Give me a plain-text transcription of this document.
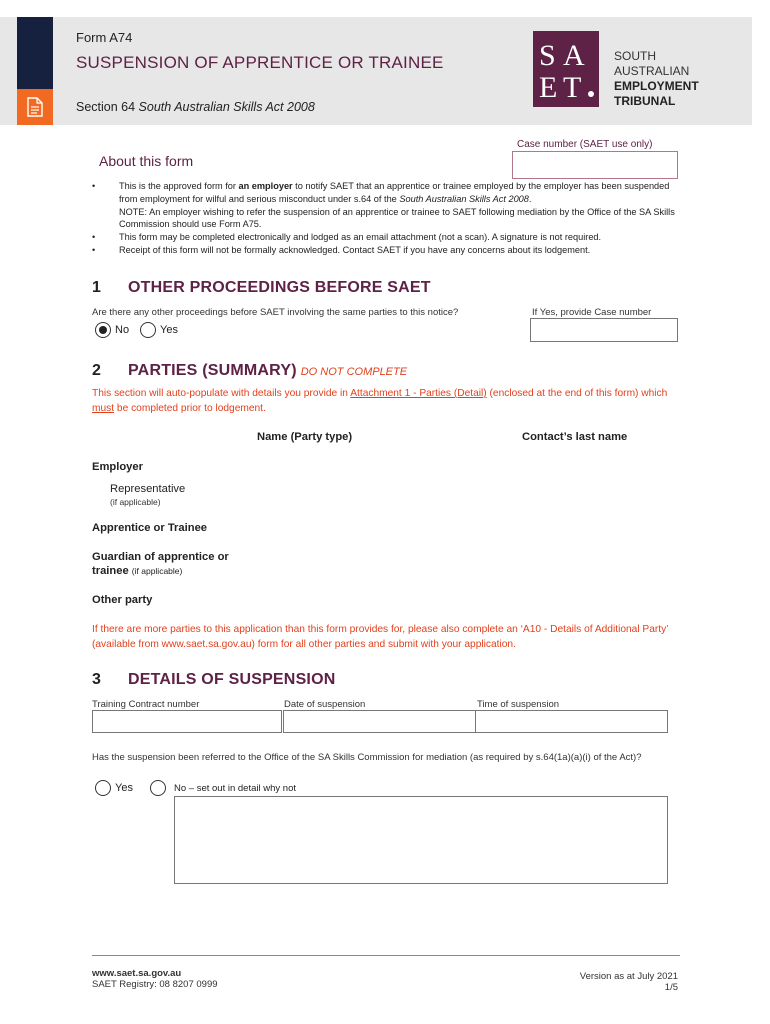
Form A74
SUSPENSION OF APPRENTICE OR TRAINEE
Section 64 South Australian Skills Act 2008
S A
E T
SOUTH
AUSTRALIAN
EMPLOYMENT
TRIBUNAL
Case number (SAET use only)
About this form
• This is the approved form for an employer to notify SAET that an apprentice or trainee employed by the employer has been suspended from employment for wilful and serious misconduct under s.64 of the South Australian Skills Act 2008.
NOTE: An employer wishing to refer the suspension of an apprentice or trainee to SAET following mediation by the Office of the SA Skills Commission should use Form A75.
• This form may be completed electronically and lodged as an email attachment (not a scan). A signature is not required.
• Receipt of this form will not be formally acknowledged. Contact SAET if you have any concerns about its lodgement.
1 OTHER PROCEEDINGS BEFORE SAET
Are there any other proceedings before SAET involving the same parties to this notice?	If Yes, provide Case number
No	Yes
2 PARTIES (SUMMARY) DO NOT COMPLETE
This section will auto-populate with details you provide in Attachment 1 - Parties (Detail) (enclosed at the end of this form) which must be completed prior to lodgement.
Name (Party type)	Contact’s last name
Employer
Representative
(if applicable)
Apprentice or Trainee
Guardian of apprentice or
trainee (if applicable)
Other party
If there are more parties to this application than this form provides for, please also complete an ‘A10 - Details of Additional Party’ (available from www.saet.sa.gov.au) form for all other parties and submit with your application.
3 DETAILS OF SUSPENSION
Training Contract number	Date of suspension	Time of suspension
Has the suspension been referred to the Office of the SA Skills Commission for mediation (as required by s.64(1a)(a)(i) of the Act)?
Yes	No – set out in detail why not
www.saet.sa.gov.au
SAET Registry: 08 8207 0999
Version as at July 2021
1/5
